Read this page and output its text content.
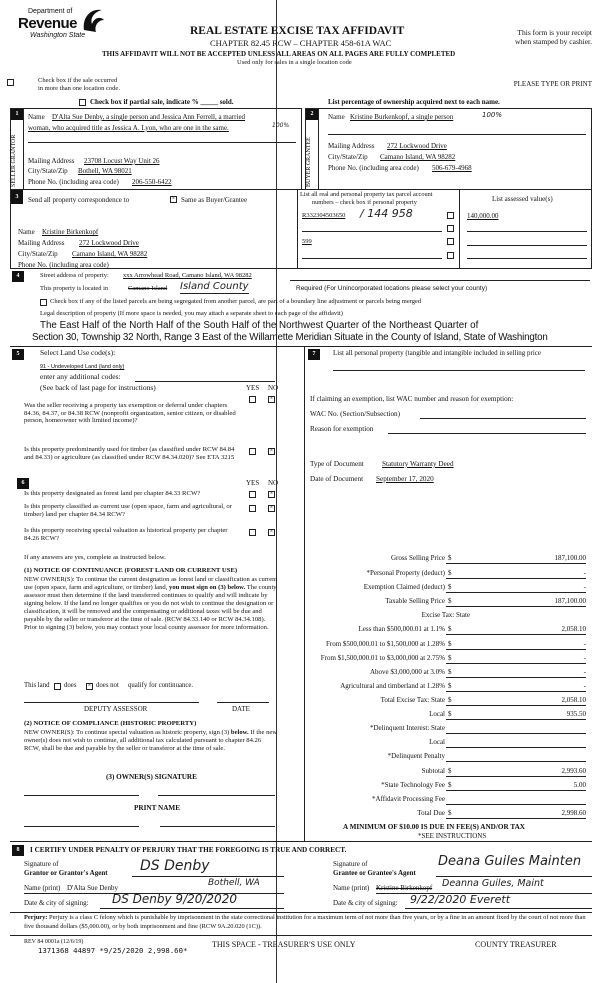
Department of
Revenue
Washington State	REAL ESTATE EXCISE TAX AFFIDAVIT
CHAPTER 82.45 RCW – CHAPTER 458-61A WAC
THIS AFFIDAVIT WILL NOT BE ACCEPTED UNLESS ALL AREAS ON ALL PAGES ARE FULLY COMPLETED
Used only for sales in a single location code
This form is your receipt
when stamped by cashier.
Check box if the sale occurred
in more than one location code.
PLEASE TYPE OR PRINT
Check box if partial sale, indicate % _____ sold.	List percentage of ownership acquired next to each name.
1
SELLER GRANTOR
Name D'Alta Sue Denby, a single person and Jessica Ann Ferrell, a married
woman, who acquired title as Jessica A. Lyon, who are one in the same.	100%
Mailing Address 23708 Locust Way Unit 26
City/State/Zip Bothell, WA 98021
Phone No. (including area code) 206-550-6422
2
BUYER GRANTEE
Name Kristine Burkenkopf, a single person	100%
Mailing Address 272 Lockwood Drive
City/State/Zip Camano Island, WA 98282
Phone No. (including area code) 506-679-4968
3	Send all property correspondence to	× Same as Buyer/Grantee
Name Kristine Birkenkopf
Mailing Address 272 Lockwood Drive
City/State/Zip Camano Island, WA 98282
Phone No. (including area code)
List all real and personal property tax parcel account
numbers – check box if personal property	List assessed value(s)
R332304503650 / 144 958	140,000.00
599
4	Street address of property: xxx Arrowhead Road, Camano Island, WA 98282
This property is located in	Camano Island Island County	Required (For Unincorporated locations please select your county)
Check box if any of the listed parcels are being segregated from another parcel, are part of a boundary line adjustment or parcels being merged
Legal description of property (If more space is needed, you may attach a separate sheet to each page of the affidavit)
The East Half of the North Half of the South Half of the Northwest Quarter of the Northeast Quarter of
Section 30, Township 32 North, Range 3 East of the Willamette Meridian Situate in the County of Island, State of Washington
5	Select Land Use code(s):
91 - Undeveloped Land (land only)
enter any additional codes:
(See back of last page for instructions)	YES NO
Was the seller receiving a property tax exemption or deferral under chapters 84.36, 84.37, or 84.38 RCW (nonprofit organization, senior citizen, or disabled person, homeowner with limited income)?
×
Is this property predominantly used for timber (as classified under RCW 84.84 and 84.33) or agriculture (as classified under RCW 84.34.020)? See ETA 3215
×
6	YES NO
Is this property designated as forest land per chapter 84.33 RCW?	×
Is this property classified as current use (open space, farm and agricultural, or timber) land per chapter 84.34 RCW?
×
Is this property receiving special valuation as historical property per chapter 84.26 RCW?
×
If any answers are yes, complete as instructed below.
(1) NOTICE OF CONTINUANCE (FOREST LAND OR CURRENT USE)
NEW OWNER(S): To continue the current designation as forest land or classification as current use (open space, farm and agriculture, or timber) land, you must sign on (3) below. The county assessor must then determine if the land transferred continues to qualify and will indicate by signing below. If the land no longer qualifies or you do not wish to continue the designation or classification, it will be removed and the compensating or additional taxes will be due and payable by the seller or transferor at the time of sale. (RCW 84.33.140 or RCW 84.34.108). Prior to signing (3) below, you may contact your local county assessor for more information.
This land does × does not qualify for continuance.
DEPUTY ASSESSOR	DATE
(2) NOTICE OF COMPLIANCE (HISTORIC PROPERTY)
NEW OWNER(S): To continue special valuation as historic property, sign (3) below. If the new owner(s) does not wish to continue, all additional tax calculated pursuant to chapter 84.26 RCW, shall be due and payable by the seller or transferor at the time of sale.
(3) OWNER(S) SIGNATURE
PRINT NAME
7	List all personal property (tangible and intangible included in selling price
If claiming an exemption, list WAC number and reason for exemption:
WAC No. (Section/Subsection)
Reason for exemption
Type of Document	Statutory Warranty Deed
Date of Document September 17, 2020
Gross Selling Price $	187,100.00
*Personal Property (deduct) $	-
Exemption Claimed (deduct) $	-
Taxable Selling Price $	187,100.00
Excise Tax: State
Less than $500,000.01 at 1.1% $	2,058.10
From $500,000.01 to $1,500,000 at 1.28% $	-
From $1,500,000.01 to $3,000,000 at 2.75% $	-
Above $3,000,000 at 3.0% $	-
Agricultural and timberland at 1.28% $	-
Total Excise Tax: State $	2,058.10
Local $	935.50
*Delinquent Interest: State
Local
*Delinquent Penalty
Subtotal $	2,993.60
*State Technology Fee $	5.00
*Affidavit Processing Fee
Total Due $	2,998.60
A MINIMUM OF $10.00 IS DUE IN FEE(S) AND/OR TAX
*SEE INSTRUCTIONS
8	I CERTIFY UNDER PENALTY OF PERJURY THAT THE FOREGOING IS TRUE AND CORRECT.
Signature of
Grantor or Grantor's Agent DS Denby
Name (print) D'Alta Sue Denby	Bothell, WA
Date & city of signing: DS Denby 9/20/2020
Signature of
Grantee or Grantee's Agent
Deana Guiles Mainten
Name (print) Kristine Birkenkopf Deanna Guiles, Maint
Date & city of signing: 9/22/2020 Everett
Perjury: Perjury is a class C felony which is punishable by imprisonment in the state correctional institution for a maximum term of not more than five years, or by a fine in an amount fixed by the court of not more than five thousand dollars ($5,000.00), or by both imprisonment and fine (RCW 9A.20.020 (1C)).
REV 84 0001a (12/6/19)
1371368 44897 *9/25/2020 2,998.60*
THIS SPACE - TREASURER'S USE ONLY	COUNTY TREASURER
